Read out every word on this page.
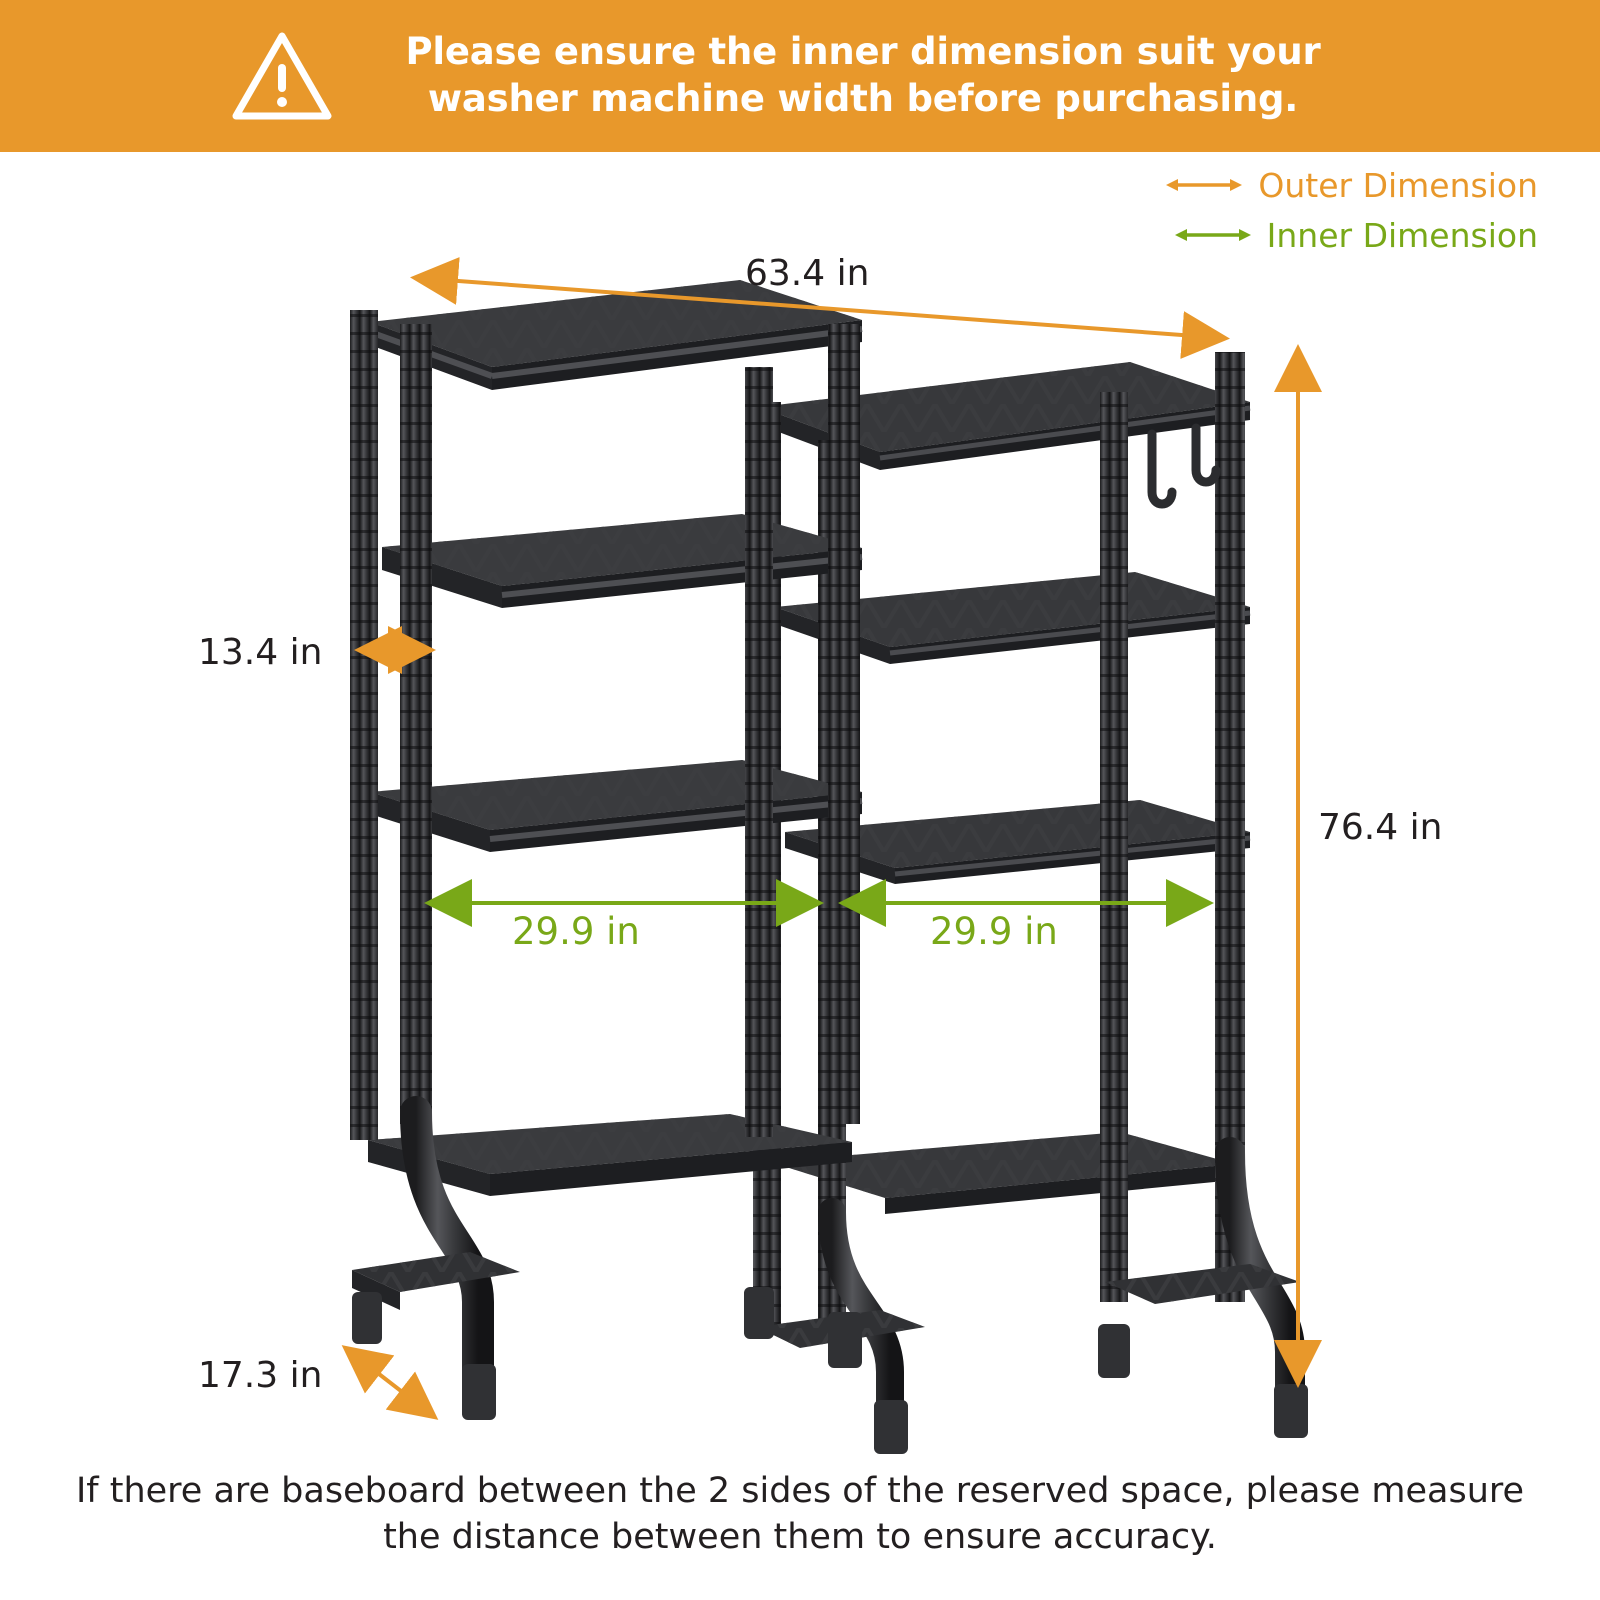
Please ensure the inner dimension suit your washer machine width before purchasing.
Outer Dimension
Inner Dimension
63.4 in
76.4 in
13.4 in
17.3 in
29.9 in	29.9 in
If there are baseboard between the 2 sides of the reserved space, please measure the distance between them to ensure accuracy.
